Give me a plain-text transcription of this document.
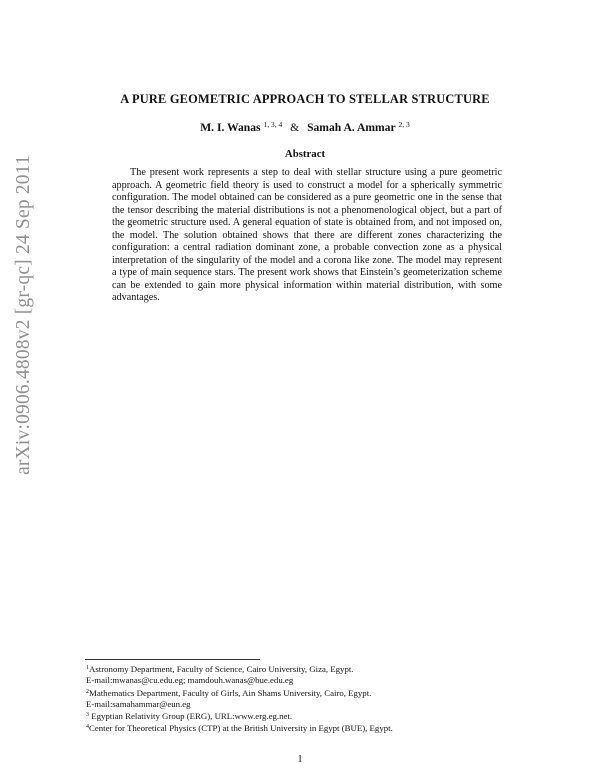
arXiv:0906.4808v2 [gr-qc] 24 Sep 2011
A PURE GEOMETRIC APPROACH TO STELLAR STRUCTURE
M. I. Wanas $^{1, 3, 4}$ & Samah A. Ammar $^{2, 3}$
Abstract

The present work represents a step to deal with stellar structure using a pure geometric approach. A geometric field theory is used to construct a model for a spherically symmetric configuration. The model obtained can be considered as a pure geometric one in the sense that the tensor describing the material distributions is not a phenomenological object, but a part of the geometric structure used. A general equation of state is obtained from, and not imposed on, the model. The solution obtained shows that there are different zones characterizing the configuration: a central radiation dominant zone, a probable convection zone as a physical interpretation of the singularity of the model and a corona like zone. The model may represent a type of main sequence stars. The present work shows that Einstein’s geometerization scheme can be extended to gain more physical information within material distribution, with some advantages.

$^1$Astronomy Department, Faculty of Science, Cairo University, Giza, Egypt.
E-mail:mwanas@cu.edu.eg; mamdouh.wanas@bue.edu.eg
$^2$Mathematics Department, Faculty of Girls, Ain Shams University, Cairo, Egypt.
E-mail:samahammar@eun.eg
$^3$ Egyptian Relativity Group (ERG), URL:www.erg.eg.net.
$^4$Center for Theoretical Physics (CTP) at the British University in Egypt (BUE), Egypt.
1
